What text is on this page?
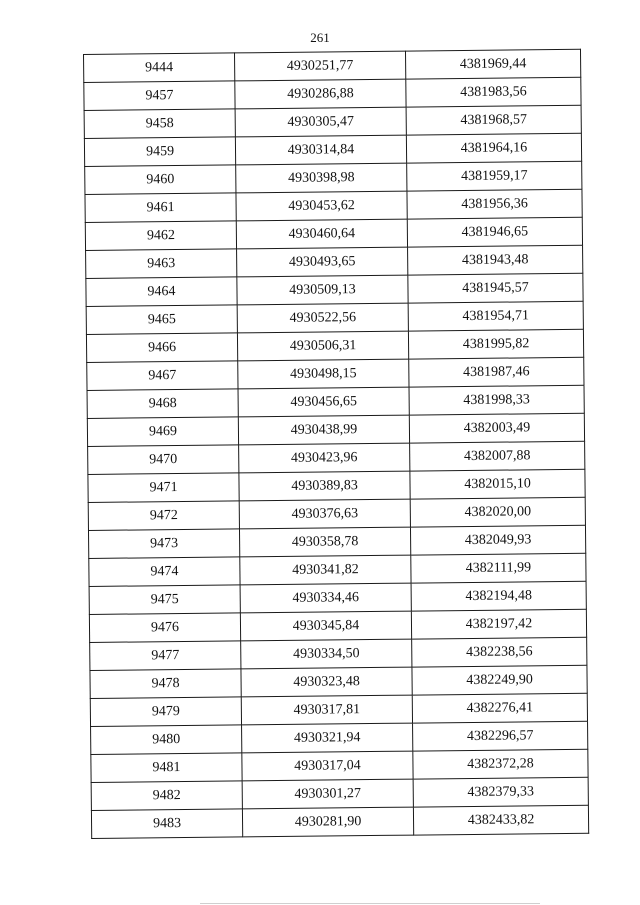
261
9444	4930251,77	4381969,44
9457	4930286,88	4381983,56
9458	4930305,47	4381968,57
9459	4930314,84	4381964,16
9460	4930398,98	4381959,17
9461	4930453,62	4381956,36
9462	4930460,64	4381946,65
9463	4930493,65	4381943,48
9464	4930509,13	4381945,57
9465	4930522,56	4381954,71
9466	4930506,31	4381995,82
9467	4930498,15	4381987,46
9468	4930456,65	4381998,33
9469	4930438,99	4382003,49
9470	4930423,96	4382007,88
9471	4930389,83	4382015,10
9472	4930376,63	4382020,00
9473	4930358,78	4382049,93
9474	4930341,82	4382111,99
9475	4930334,46	4382194,48
9476	4930345,84	4382197,42
9477	4930334,50	4382238,56
9478	4930323,48	4382249,90
9479	4930317,81	4382276,41
9480	4930321,94	4382296,57
9481	4930317,04	4382372,28
9482	4930301,27	4382379,33
9483	4930281,90	4382433,82
